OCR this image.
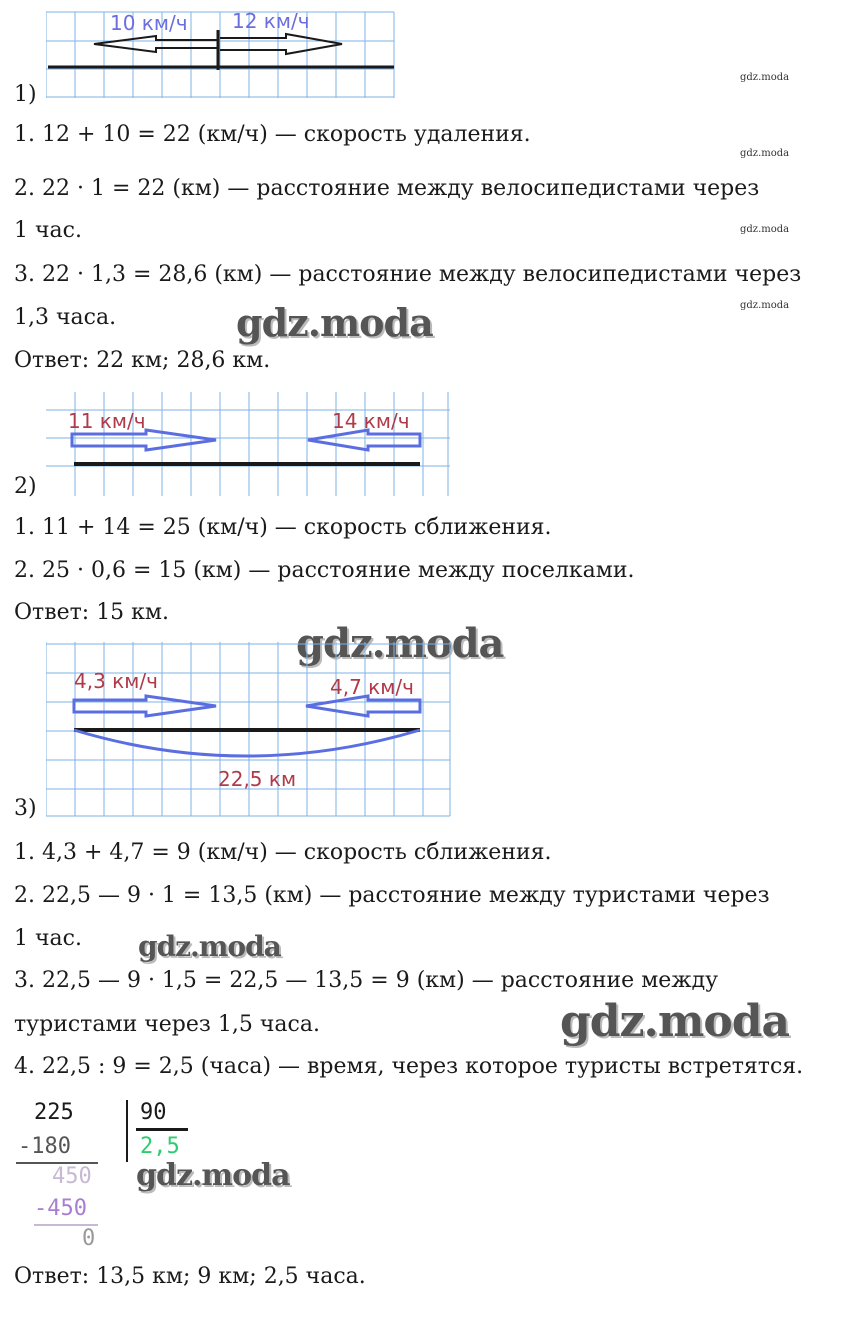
10 км/ч 12 км/ч
1)
gdz.moda
gdz.moda
gdz.moda
gdz.moda
1. 12 + 10 = 22 (км/ч) — скорость удаления.
2. 22 · 1 = 22 (км) — расстояние между велосипедистами через
1 час.
3. 22 · 1,3 = 28,6 (км) — расстояние между велосипедистами через
1,3 часа.
Ответ: 22 км; 28,6 км.
gdz.moda
11 км/ч	14 км/ч
2)
1. 11 + 14 = 25 (км/ч) — скорость сближения.
2. 25 · 0,6 = 15 (км) — расстояние между поселками.
Ответ: 15 км.
gdz.moda
4,3 км/ч	4,7 км/ч
22,5 км
3)
1. 4,3 + 4,7 = 9 (км/ч) — скорость сближения.
2. 22,5 — 9 · 1 = 13,5 (км) — расстояние между туристами через
1 час. gdz.moda
3. 22,5 — 9 · 1,5 = 22,5 — 13,5 = 9 (км) — расстояние между
туристами через 1,5 часа.	gdz.moda
4. 22,5 : 9 = 2,5 (часа) — время, через которое туристы встретятся.
225	90
2,5
-180
450
-450
0
gdz.moda
Ответ: 13,5 км; 9 км; 2,5 часа.
